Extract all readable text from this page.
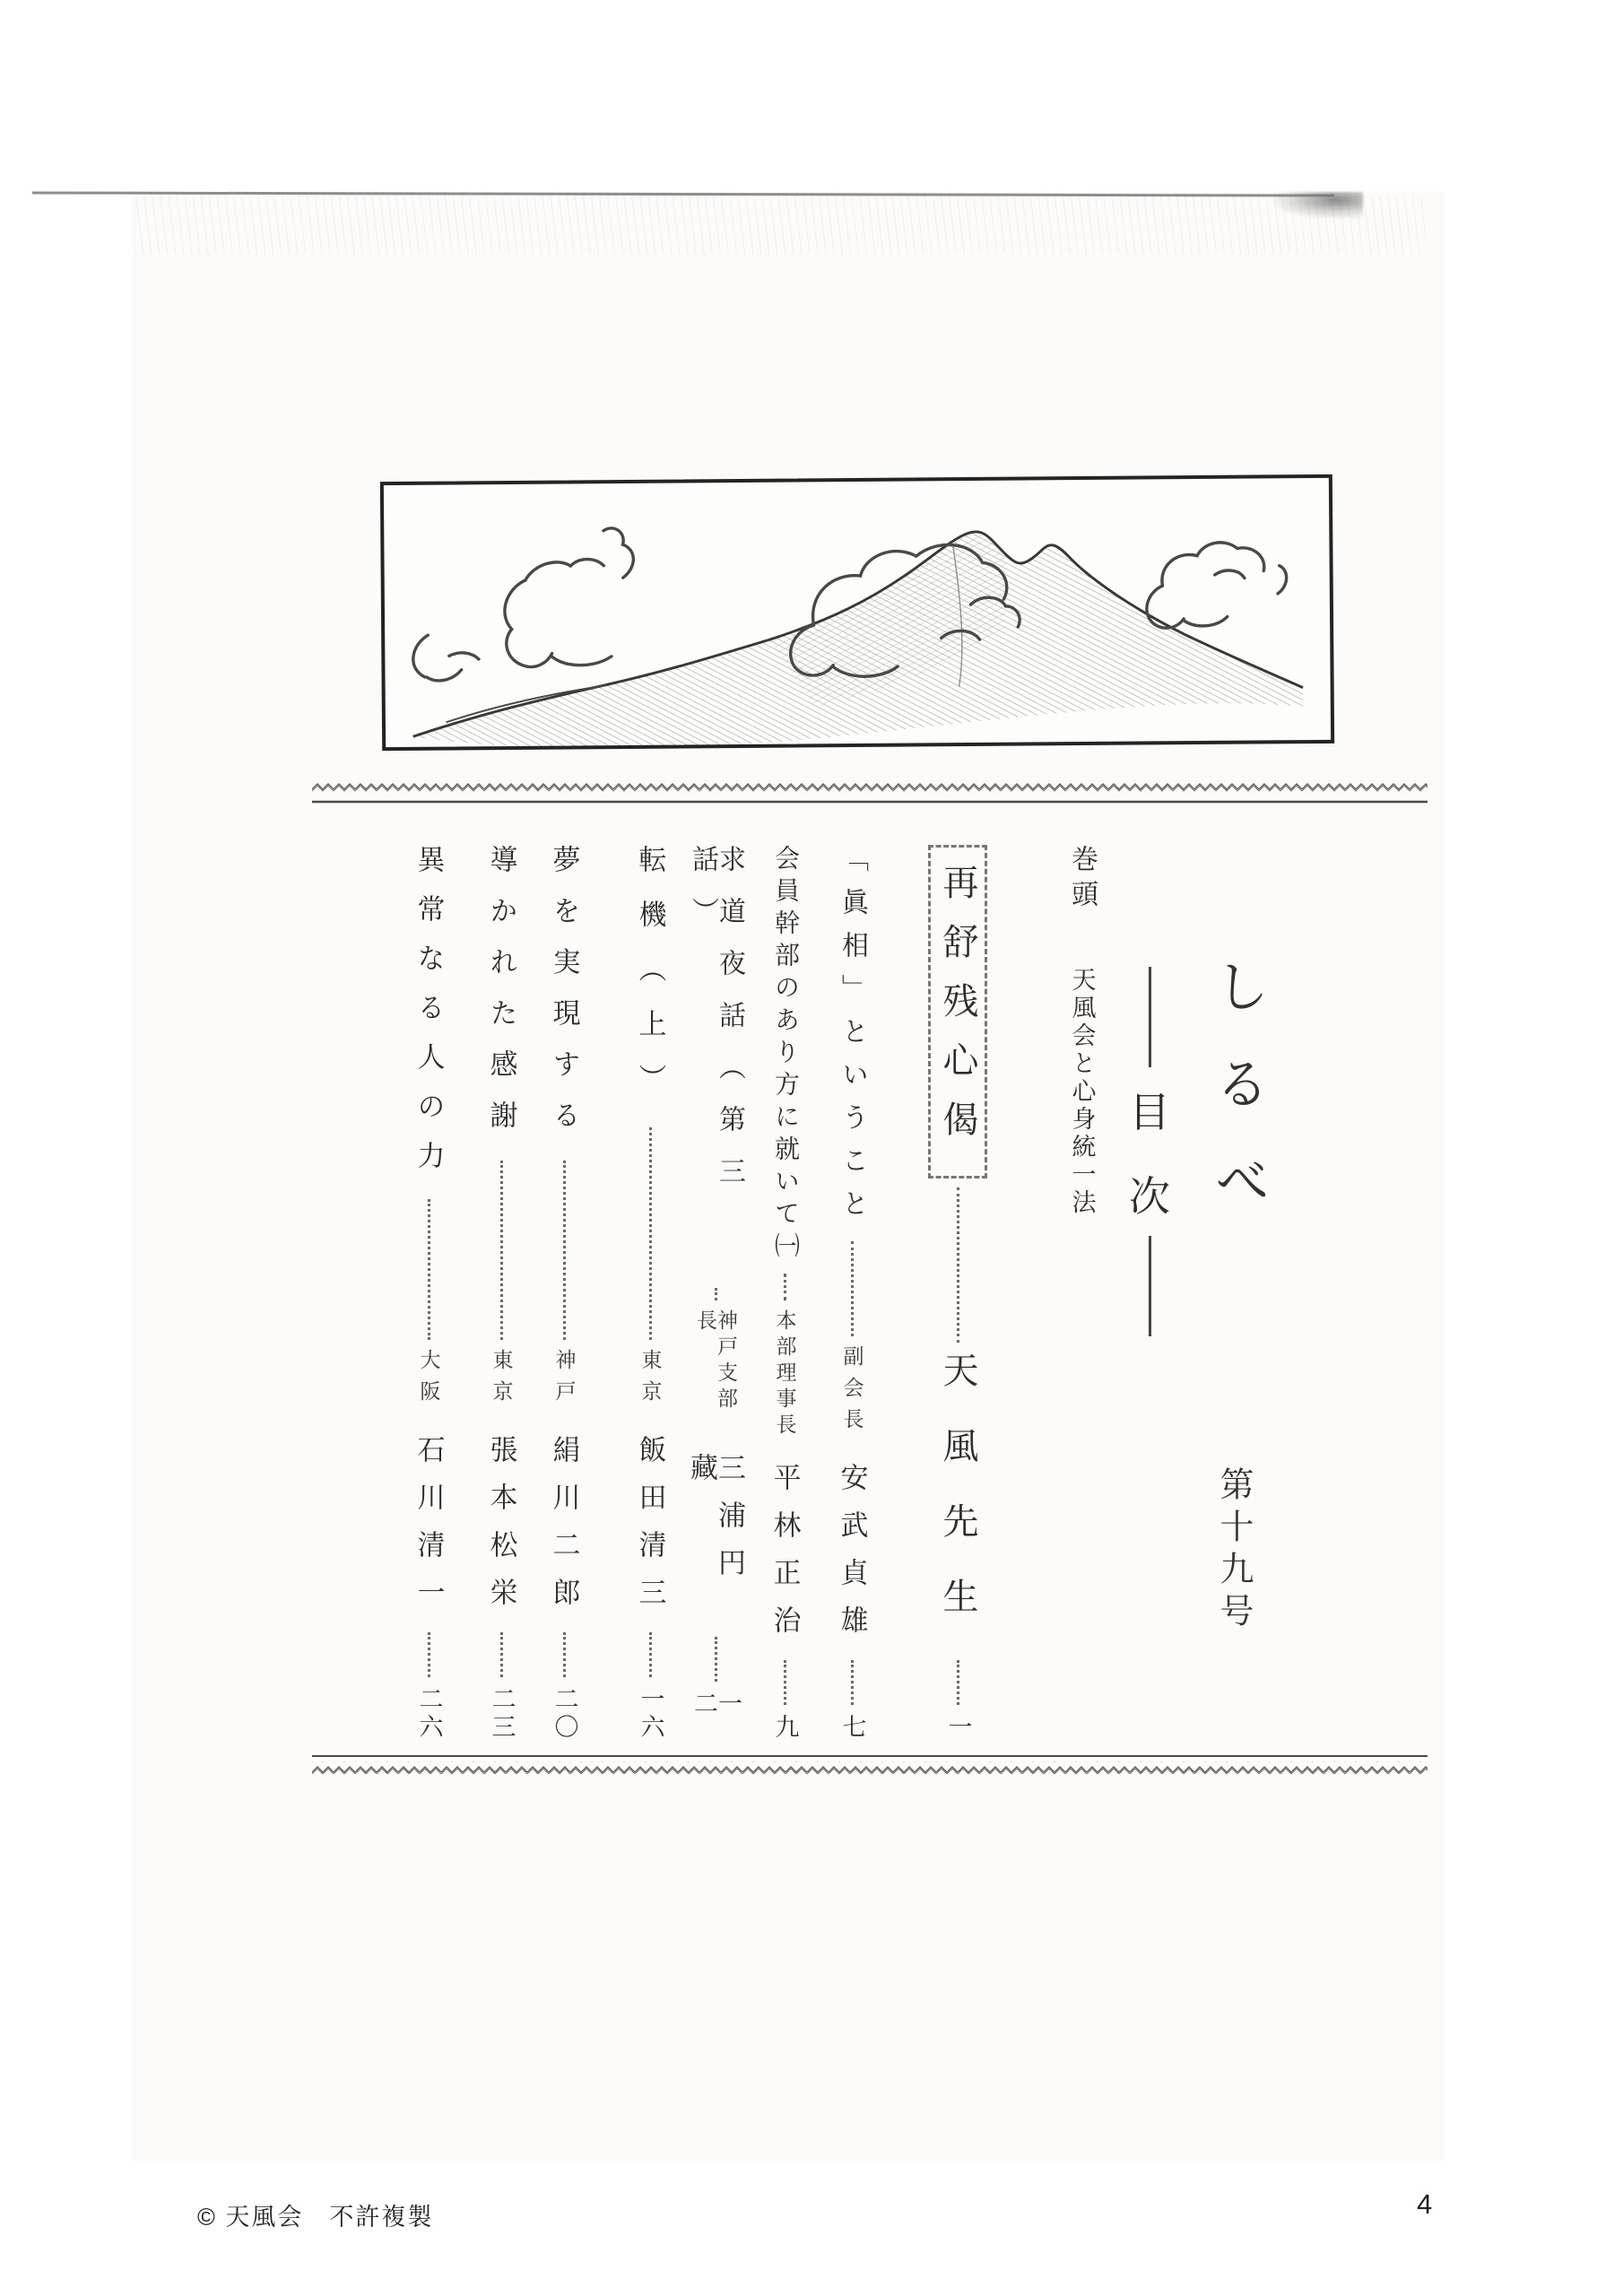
しるべ
第十九号
目
次
巻頭
天風会と心身統一法
再舒残心偈
天風先生
一
「眞相」ということ
副会長
安武貞雄
七
会員幹部のあり方に就いて㈠
本部理事長
平林正治
九
求道夜話（第三話）
神戸支部長
三浦円藏
一二
転機（上）
東京
飯田清三
一六
夢を実現する
神戸
絹川二郎
二〇
導かれた感謝
東京
張本松栄
二三
異常なる人の力
大阪
石川清一
二六
© 天風会　不許複製	4
